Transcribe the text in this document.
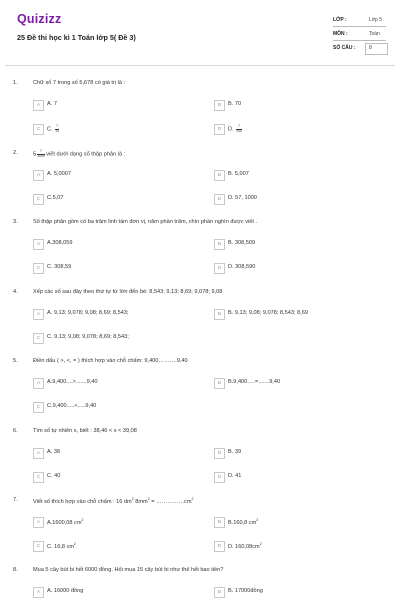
Quizizz
25 Đề thi học kì 1 Toán lớp 5( Đề 3)
LỚP :	Lớp 5
MÔN :	Toán
SỐ CÂU :	8
1.	Chữ số 7 trong số 5,678 có giá trị là :
A	A. 7	B	B. 70
C	C. $\frac{7}{10}$	D	D. $\frac{7}{100}$
2.	$5 \frac{7}{1000}$ viết dưới dạng số thập phân là :
A	A. 5,0007	B	B. 5,007
C	C.5,07	D	D. 57, 1000
3.	Số thập phân gồm có ba trăm linh tám đơn vị, năm phần trăm, chín phần nghìn được viết .
A	A.308,059	B	B. 308,509
C	C. 308,59	D	D. 308,590
4.	Xếp các số sau đây theo thứ tự từ lớn đến bé: 8,543; 9,13; 8,69; 9,078; 9,08
A	A. 9,13; 9,078; 9,08; 8,69; 8,543;	B	B. 9,13; 9,08; 9,078; 8,543; 8,69
C	C. 9,13; 9,08; 9,078; 8,69; 8,543;
5.	Điền dấu ( >, <, = ) thích hợp vào chỗ chấm: 9,400……….9,40
A	A.9,400....>.......9,40	B	B.9,400.....=.......9,40
C	C.9,400.....<.....9,40
6.	Tìm số tự nhiên x, biết : 38,46 < x < 39,08
A	A. 38	B	B. 39
C	C. 40	D	D. 41
7.	Viết số thích hợp vào chỗ chấm : 16 $dm^2$ $8mm^2$ = $\dots\dots\dots\dots\dots cm^2$
A	A.1600,08 $cm^2$	B	B.160,8 $cm^2$
C	C. 16,8 $cm^2$	D	D. $160,08cm^2$
8.	Mua 5 cây bút bi hết 6000 đồng. Hỏi mua 15 cây bút bi như thế hết bao tiền?
A	A. 16000 đồng	B	B. 17000đồng
